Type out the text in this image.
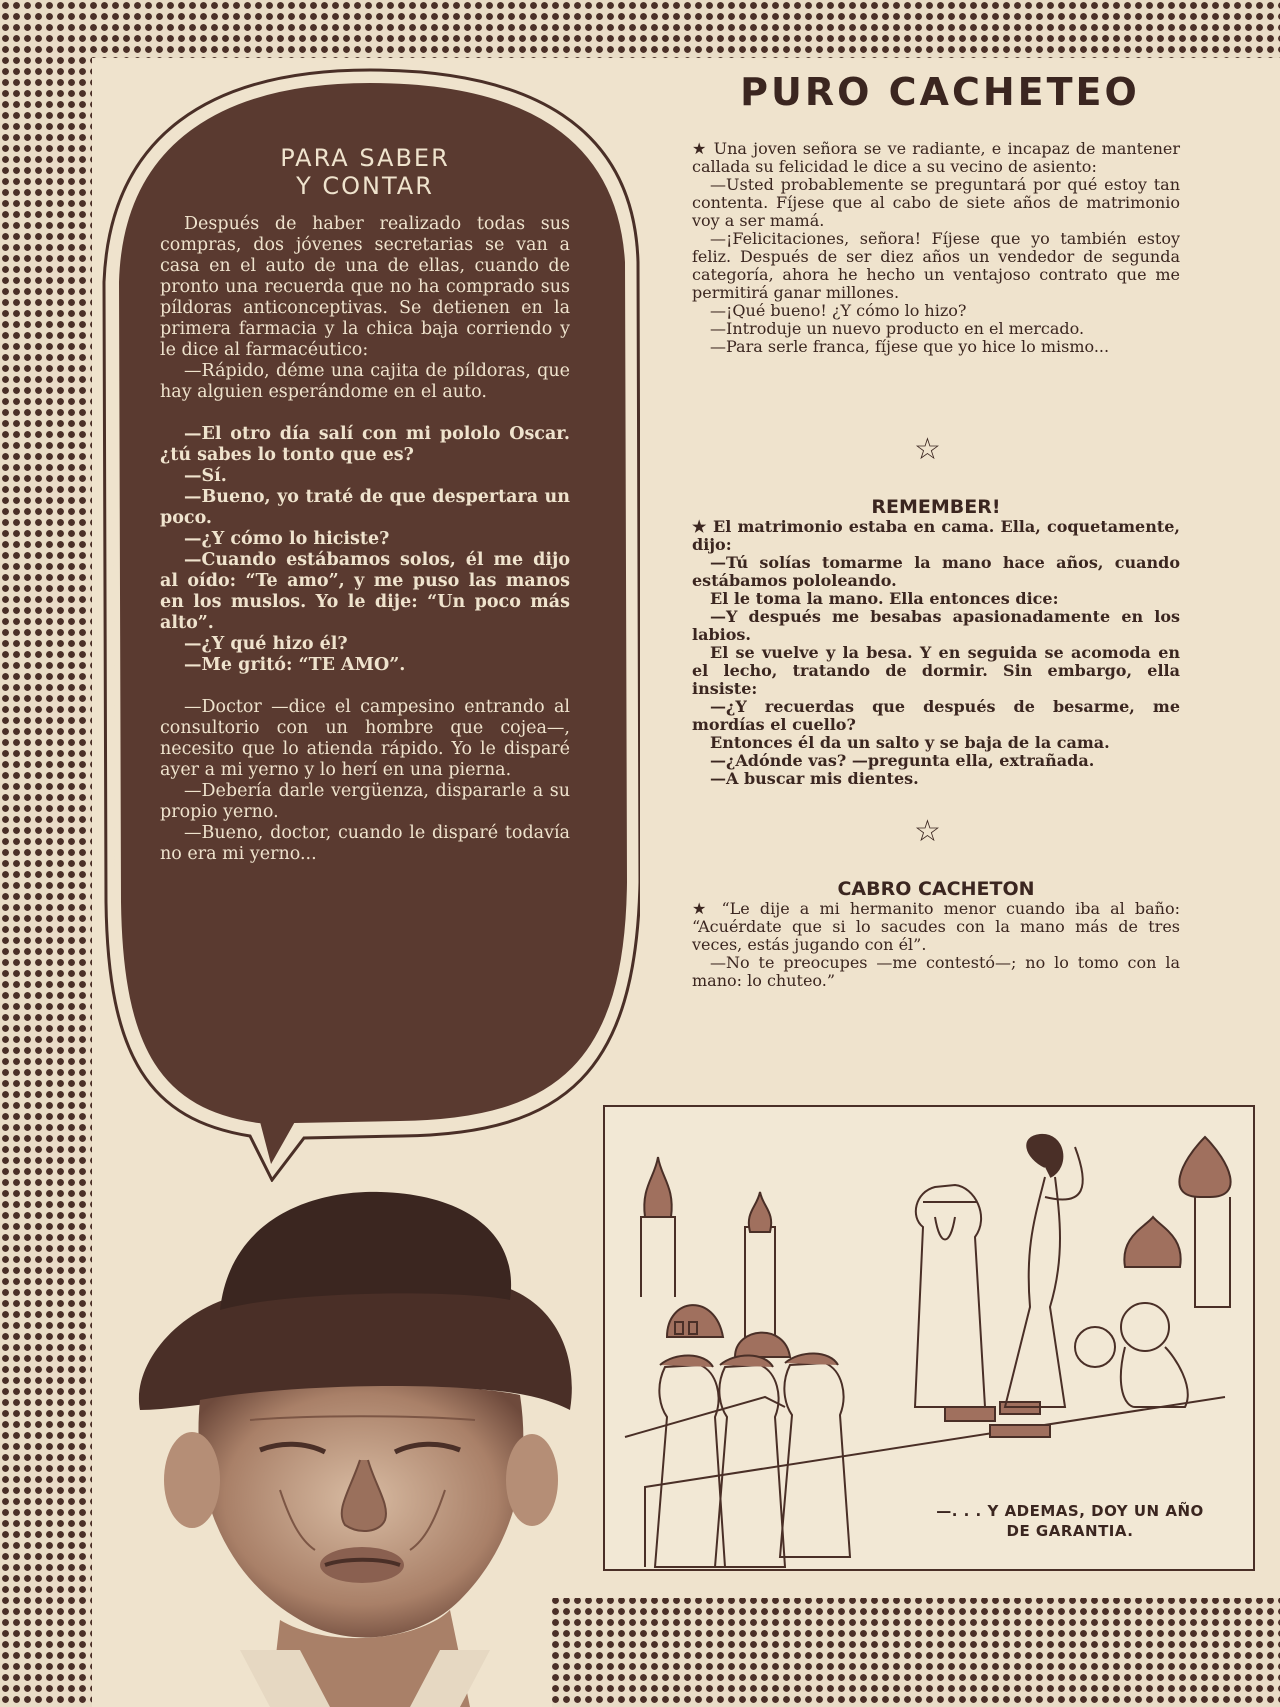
PARA SABER
Y CONTAR

Después de haber realizado todas sus compras, dos jóvenes secretarias se van a casa en el auto de una de ellas, cuando de pronto una recuerda que no ha comprado sus píldoras anticonceptivas. Se detienen en la primera farmacia y la chica baja corriendo y le dice al farmacéutico:

—Rápido, déme una cajita de píldoras, que hay alguien esperándome en el auto.

—El otro día salí con mi pololo Oscar. ¿tú sabes lo tonto que es?

—Sí.

—Bueno, yo traté de que despertara un poco.

—¿Y cómo lo hiciste?

—Cuando estábamos solos, él me dijo al oído: “Te amo”, y me puso las manos en los muslos. Yo le dije: “Un poco más alto”.

—¿Y qué hizo él?

—Me gritó: “TE AMO”.

—Doctor —dice el campesino entrando al consultorio con un hombre que cojea—, necesito que lo atienda rápido. Yo le disparé ayer a mi yerno y lo herí en una pierna.

—Debería darle vergüenza, dispararle a su propio yerno.

—Bueno, doctor, cuando le disparé todavía no era mi yerno...

PURO CACHETEO

★ Una joven señora se ve radiante, e incapaz de mantener callada su felicidad le dice a su vecino de asiento:

—Usted probablemente se preguntará por qué estoy tan contenta. Fíjese que al cabo de siete años de matrimonio voy a ser mamá.

—¡Felicitaciones, señora! Fíjese que yo también estoy feliz. Después de ser diez años un vendedor de segunda categoría, ahora he hecho un ventajoso contrato que me permitirá ganar millones.

—¡Qué bueno! ¿Y cómo lo hizo?

—Introduje un nuevo producto en el mercado.

—Para serle franca, fíjese que yo hice lo mismo...

☆
REMEMBER!

★ El matrimonio estaba en cama. Ella, coquetamente, dijo:

—Tú solías tomarme la mano hace años, cuando estábamos pololeando.

El le toma la mano. Ella entonces dice:

—Y después me besabas apasionadamente en los labios.

El se vuelve y la besa. Y en seguida se acomoda en el lecho, tratando de dormir. Sin embargo, ella insiste:

—¿Y recuerdas que después de besarme, me mordías el cuello?

Entonces él da un salto y se baja de la cama.

—¿Adónde vas? —pregunta ella, extrañada.

—A buscar mis dientes.

☆
CABRO CACHETON

★ “Le dije a mi hermanito menor cuando iba al baño: “Acuérdate que si lo sacudes con la mano más de tres veces, estás jugando con él”.

—No te preocupes —me contestó—; no lo tomo con la mano: lo chuteo.”

—. . . Y ADEMAS, DOY UN AÑO
DE GARANTIA.
